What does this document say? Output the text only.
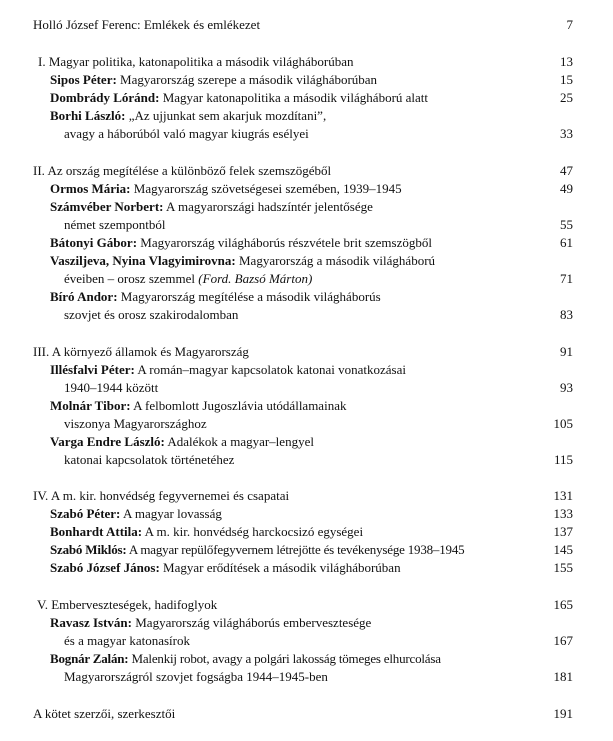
Holló József Ferenc: Emlékek és emlékezet	7
I. Magyar politika, katonapolitika a második világháborúban	13
Sipos Péter: Magyarország szerepe a második világháborúban	15
Dombrády Lóránd: Magyar katonapolitika a második világháború alatt	25
Borhi László: „Az ujjunkat sem akarjuk mozdítani”,
avagy a háborúból való magyar kiugrás esélyei	33
II. Az ország megítélése a különböző felek szemszögéből	47
Ormos Mária: Magyarország szövetségesei szemében, 1939–1945	49
Számvéber Norbert: A magyarországi hadszíntér jelentősége
német szempontból	55
Bátonyi Gábor: Magyarország világháborús részvétele brit szemszögből	61
Vasziljeva, Nyina Vlagyimirovna: Magyarország a második világháború
éveiben – orosz szemmel (Ford. Bazsó Márton)	71
Bíró Andor: Magyarország megítélése a második világháborús
szovjet és orosz szakirodalomban	83
III. A környező államok és Magyarország	91
Illésfalvi Péter: A román–magyar kapcsolatok katonai vonatkozásai
1940–1944 között	93
Molnár Tibor: A felbomlott Jugoszlávia utódállamainak
viszonya Magyarországhoz	105
Varga Endre László: Adalékok a magyar–lengyel
katonai kapcsolatok történetéhez	115
IV. A m. kir. honvédség fegyvernemei és csapatai	131
Szabó Péter: A magyar lovasság	133
Bonhardt Attila: A m. kir. honvédség harckocsizó egységei	137
Szabó Miklós: A magyar repülőfegyvernem létrejötte és tevékenysége 1938–1945	145
Szabó József János: Magyar erődítések a második világháborúban	155
V. Emberveszteségek, hadifoglyok	165
Ravasz István: Magyarország világháborús emberveszteségе
és a magyar katonasírok	167
Bognár Zalán: Malenkij robot, avagy a polgári lakosság tömeges elhurcolása
Magyarországról szovjet fogságba 1944–1945-ben	181
A kötet szerzői, szerkesztői	191
